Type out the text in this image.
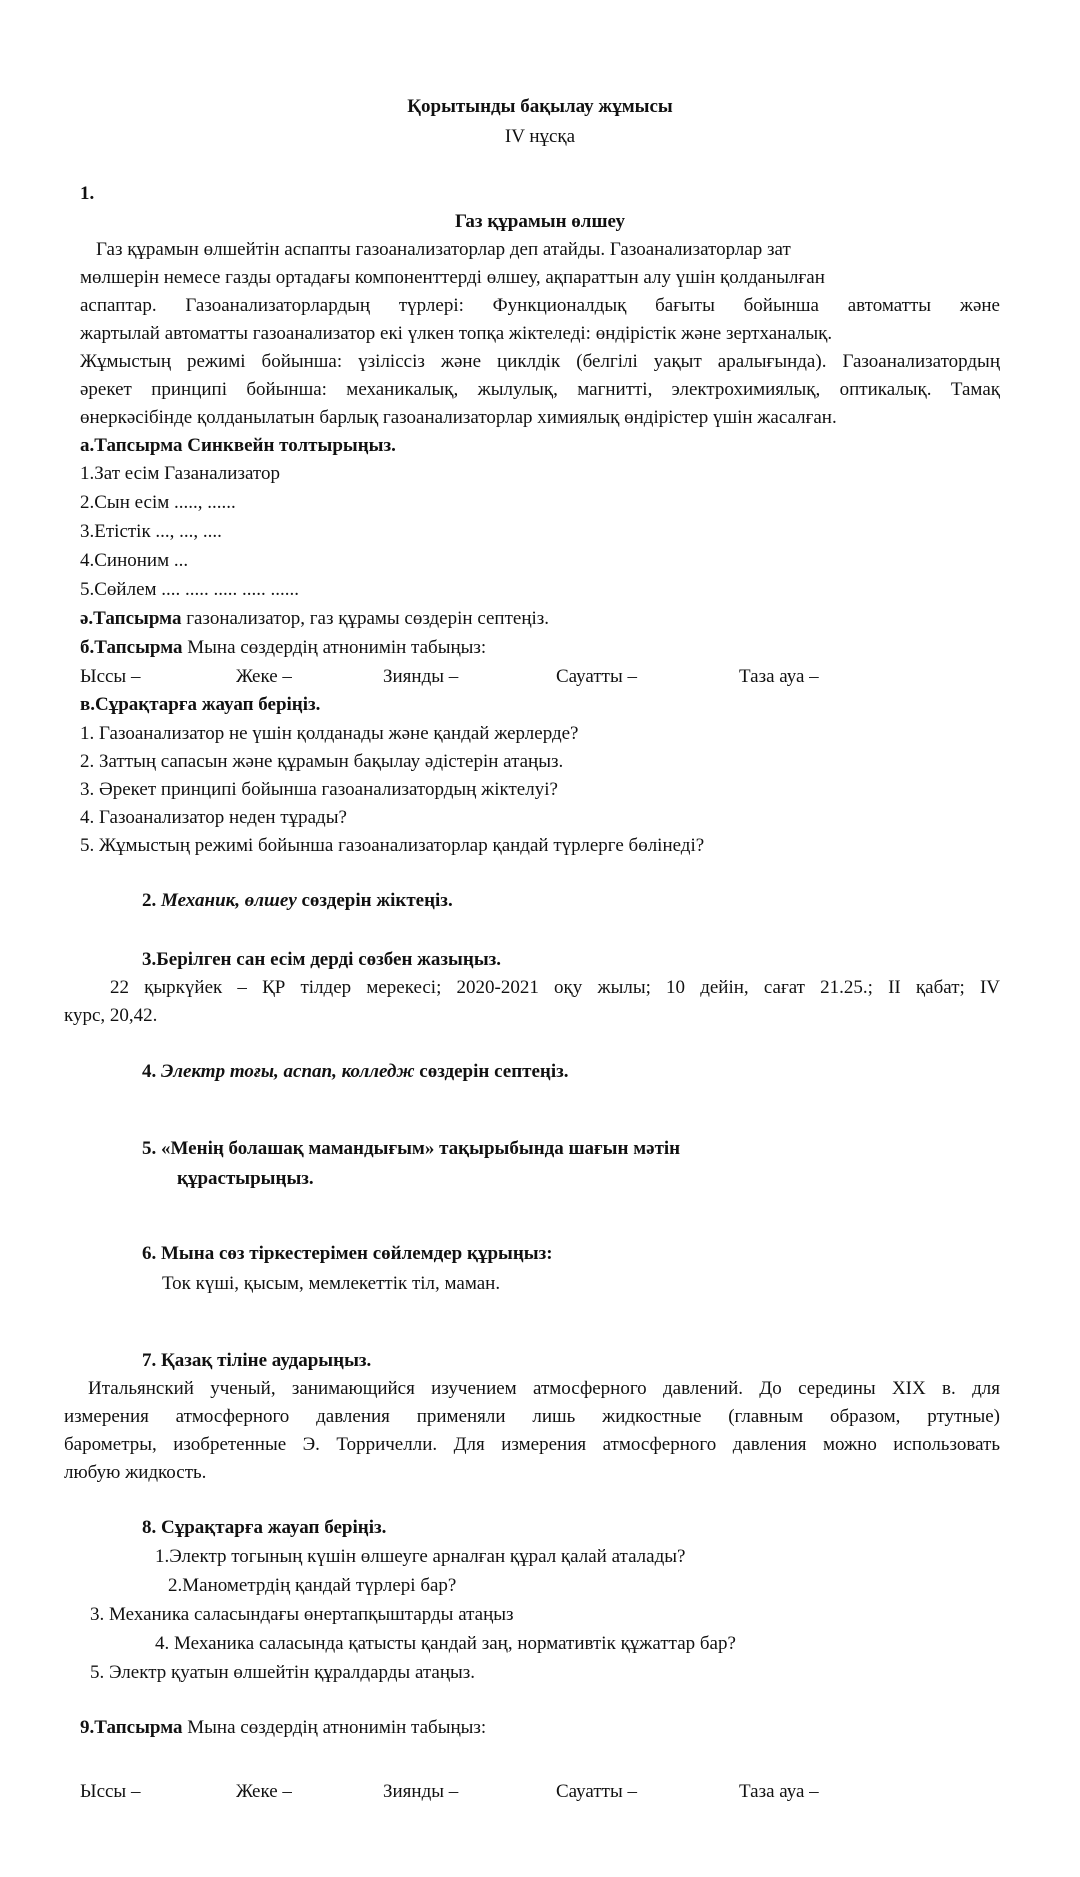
Қорытынды бақылау жұмысы
IV нұсқа
1.
Газ құрамын өлшеу
Газ құрамын өлшейтін аспапты газоанализаторлар деп атайды. Газоанализаторлар зат
мөлшерін немесе газды ортадағы компоненттерді өлшеу, ақпараттын алу үшін қолданылған
аспаптар. Газоанализаторлардың түрлері: Функционалдық бағыты бойынша автоматты және
жартылай автоматты газоанализатор екі үлкен топқа жіктеледі: өндірістік және зертханалық.
Жұмыстың режимі бойынша: үзіліссіз және циклдік (белгілі уақыт аралығында). Газоанализатордың
әрекет принципі бойынша: механикалық, жылулық, магнитті, электрохимиялық, оптикалық. Тамақ
өнеркәсібінде қолданылатын барлық газоанализаторлар химиялық өндірістер үшін жасалған.
а.Тапсырма Синквейн толтырыңыз.
1.Зат есім Газанализатор
2.Сын есім ....., ......
3.Етістік ..., ..., ....
4.Синоним ...
5.Сөйлем .... ..... ..... ..... ......
ә.Тапсырма газонализатор, газ құрамы сөздерін септеңіз.
б.Тапсырма Мына сөздердің атнонимін табыңыз:
Ыссы –	Жеке –	Зиянды –	Сауатты –	Таза ауа –
в.Сұрақтарға жауап беріңіз.
1. Газоанализатор не үшін қолданады және қандай жерлерде?
2. Заттың сапасын және құрамын бақылау әдістерін атаңыз.
3. Әрекет принципі бойынша газоанализатордың жіктелуі?
4. Газоанализатор неден тұрады?
5. Жұмыстың режимі бойынша газоанализаторлар қандай түрлерге бөлінеді?
2. Механик, өлшеу сөздерін жіктеңіз.
3.Берілген сан есім дерді сөзбен жазыңыз.
22 қыркүйек – ҚР тілдер мерекесі; 2020-2021 оқу жылы; 10 дейін, сағат 21.25.; II қабат; IV
курс, 20,42.
4. Электр тоғы, аспап, колледж сөздерін септеңіз.
5. «Менің болашақ мамандығым» тақырыбында шағын мәтін
құрастырыңыз.
6. Мына сөз тіркестерімен сөйлемдер құрыңыз:
Ток күші, қысым, мемлекеттік тіл, маман.
7. Қазақ тіліне аударыңыз.
Итальянский ученый, занимающийся изучением атмосферного давлений. До середины XIX в. для
измерения атмосферного давления применяли лишь жидкостные (главным образом, ртутные)
барометры, изобретенные Э. Торричелли. Для измерения атмосферного давления можно использовать
любую жидкость.
8. Сұрақтарға жауап беріңіз.
1.Электр тогының күшін өлшеуге арналған құрал қалай аталады?
2.Манометрдің қандай түрлері бар?
3. Механика саласындағы өнертапқыштарды атаңыз
4. Механика саласында қатысты қандай заң, нормативтік құжаттар бар?
5. Электр қуатын өлшейтін құралдарды атаңыз.
9.Тапсырма Мына сөздердің атнонимін табыңыз:
Ыссы –	Жеке –	Зиянды –	Сауатты –	Таза ауа –
